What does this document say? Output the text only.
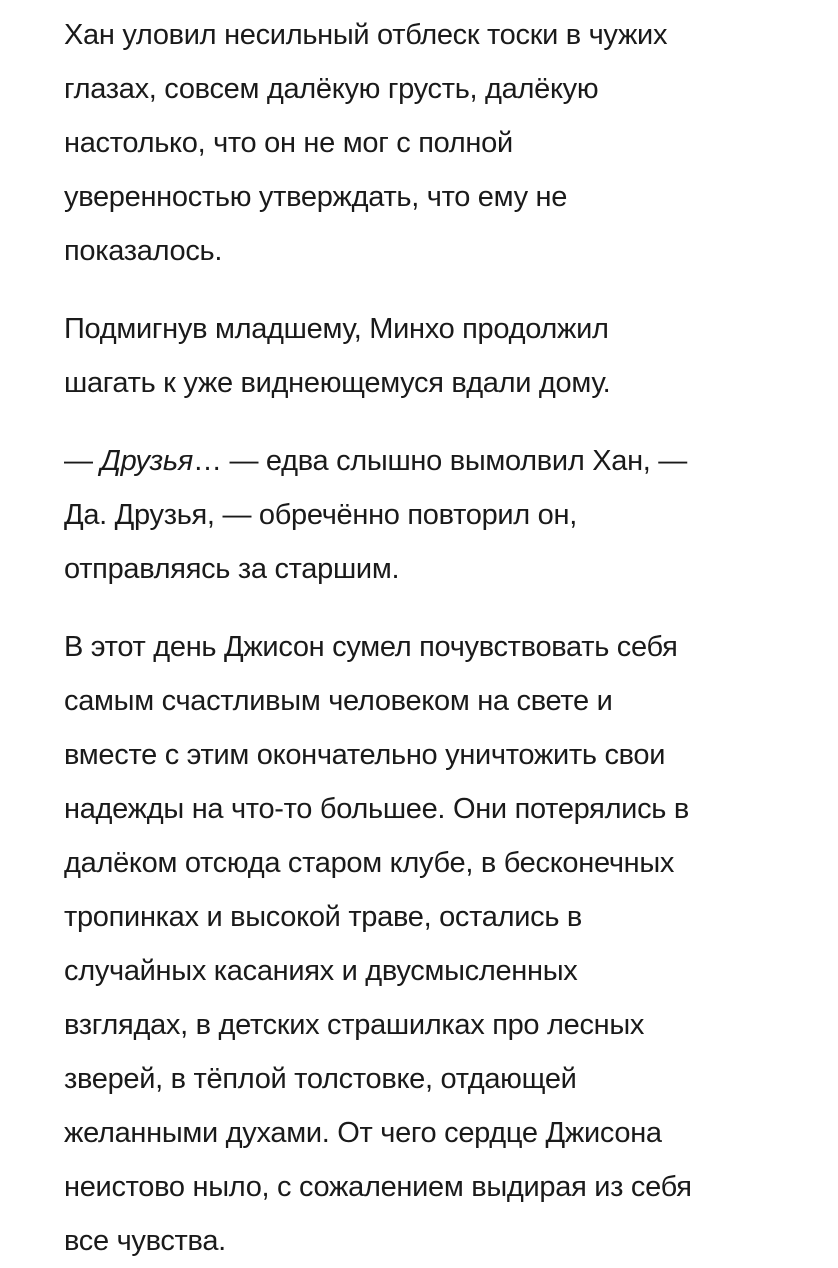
Хан уловил несильный отблеск тоски в чужих
глазах, совсем далёкую грусть, далёкую
настолько, что он не мог с полной
уверенностью утверждать, что ему не
показалось.

Подмигнув младшему, Минхо продолжил
шагать к уже виднеющемуся вдали дому.

— Друзья… — едва слышно вымолвил Хан, —
Да. Друзья, — обречённо повторил он,
отправляясь за старшим.

В этот день Джисон сумел почувствовать себя
самым счастливым человеком на свете и
вместе с этим окончательно уничтожить свои
надежды на что-то большее. Они потерялись в
далёком отсюда старом клубе, в бесконечных
тропинках и высокой траве, остались в
случайных касаниях и двусмысленных
взглядах, в детских страшилках про лесных
зверей, в тёплой толстовке, отдающей
желанными духами. От чего сердце Джисона
неистово ныло, с сожалением выдирая из себя
все чувства.
